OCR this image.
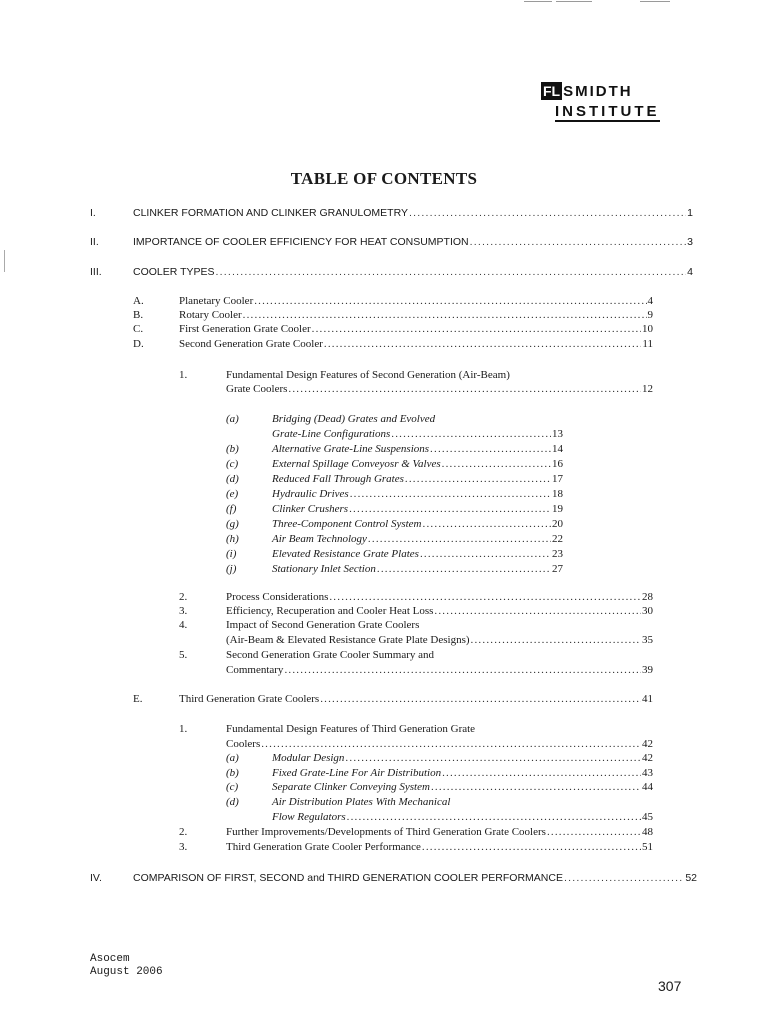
FL SMIDTH
INSTITUTE
TABLE OF CONTENTS
I.	CLINKER FORMATION AND CLINKER GRANULOMETRY .....	1
II.	IMPORTANCE OF COOLER EFFICIENCY FOR HEAT CONSUMPTION .....	3
III.	COOLER TYPES .....	4
A.	Planetary Cooler .....	4
B.	Rotary Cooler .....	9
C.	First Generation Grate Cooler .....	10
D.	Second Generation Grate Cooler .....	11
1.	Fundamental Design Features of Second Generation (Air-Beam)
Grate Coolers .....	12
(a)	Bridging (Dead) Grates and Evolved
Grate-Line Configurations .....	13
(b)	Alternative Grate-Line Suspensions .....	14
(c)	External Spillage Conveyosr & Valves .....	16
(d)	Reduced Fall Through Grates .....	17
(e)	Hydraulic Drives .....	18
(f)	Clinker Crushers .....	19
(g)	Three-Component Control System .....	20
(h)	Air Beam Technology .....	22
(i)	Elevated Resistance Grate Plates .....	23
(j)	Stationary Inlet Section .....	27
2.	Process Considerations .....	28
3.	Efficiency, Recuperation and Cooler Heat Loss .....	30
4.	Impact of Second Generation Grate Coolers
(Air-Beam & Elevated Resistance Grate Plate Designs) .....	35
5.	Second Generation Grate Cooler Summary and
Commentary .....	39
E.	Third Generation Grate Coolers .....	41
1.	Fundamental Design Features of Third Generation Grate
Coolers .....	42
(a)	Modular Design .....	42
(b)	Fixed Grate-Line For Air Distribution .....	43
(c)	Separate Clinker Conveying System .....	44
(d)	Air Distribution Plates With Mechanical
Flow Regulators .....	45
2.	Further Improvements/Developments of Third Generation Grate Coolers .....	48
3.	Third Generation Grate Cooler Performance .....	51
IV.	COMPARISON OF FIRST, SECOND and THIRD GENERATION COOLER PERFORMANCE .....	52
Asocem
August 2006
307
